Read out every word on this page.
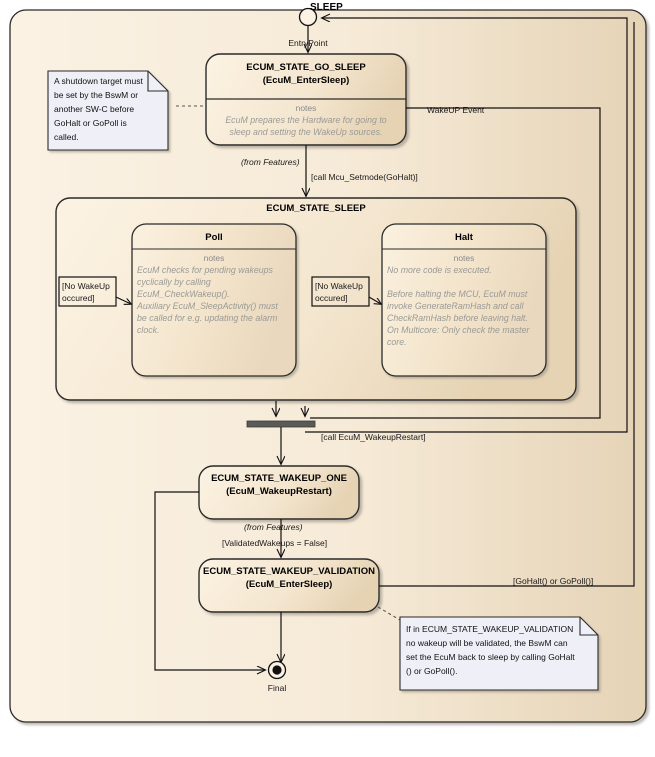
SLEEP
EntryPoint
A shutdown target must
be set by the BswM or
another SW-C before
GoHalt or GoPoll is
called.
ECUM_STATE_GO_SLEEP
(EcuM_EnterSleep)
notes
EcuM prepares the Hardware for going to
sleep and setting the WakeUp sources.
(from Features)
[call Mcu_Setmode(GoHalt)]
WakeUP Event
ECUM_STATE_SLEEP
Poll
notes
EcuM checks for pending wakeups
cyclically by calling
EcuM_CheckWakeup().
Auxiliary EcuM_SleepActivity() must
be called for e.g. updating the alarm
clock.
[No WakeUp
occured]
Halt
notes
No more code is executed.
Before halting the MCU, EcuM must
invoke GenerateRamHash and call
CheckRamHash before leaving halt.
On Multicore: Only check the master
core.
[No WakeUp
occured]
[call EcuM_WakeupRestart]
ECUM_STATE_WAKEUP_ONE
(EcuM_WakeupRestart)
(from Features)
[ValidatedWakeups = False]
ECUM_STATE_WAKEUP_VALIDATION
(EcuM_EnterSleep)	[GoHalt() or GoPoll()]
Final
If in ECUM_STATE_WAKEUP_VALIDATION
no wakeup will be validated, the BswM can
set the EcuM back to sleep by calling GoHalt
() or GoPoll().
